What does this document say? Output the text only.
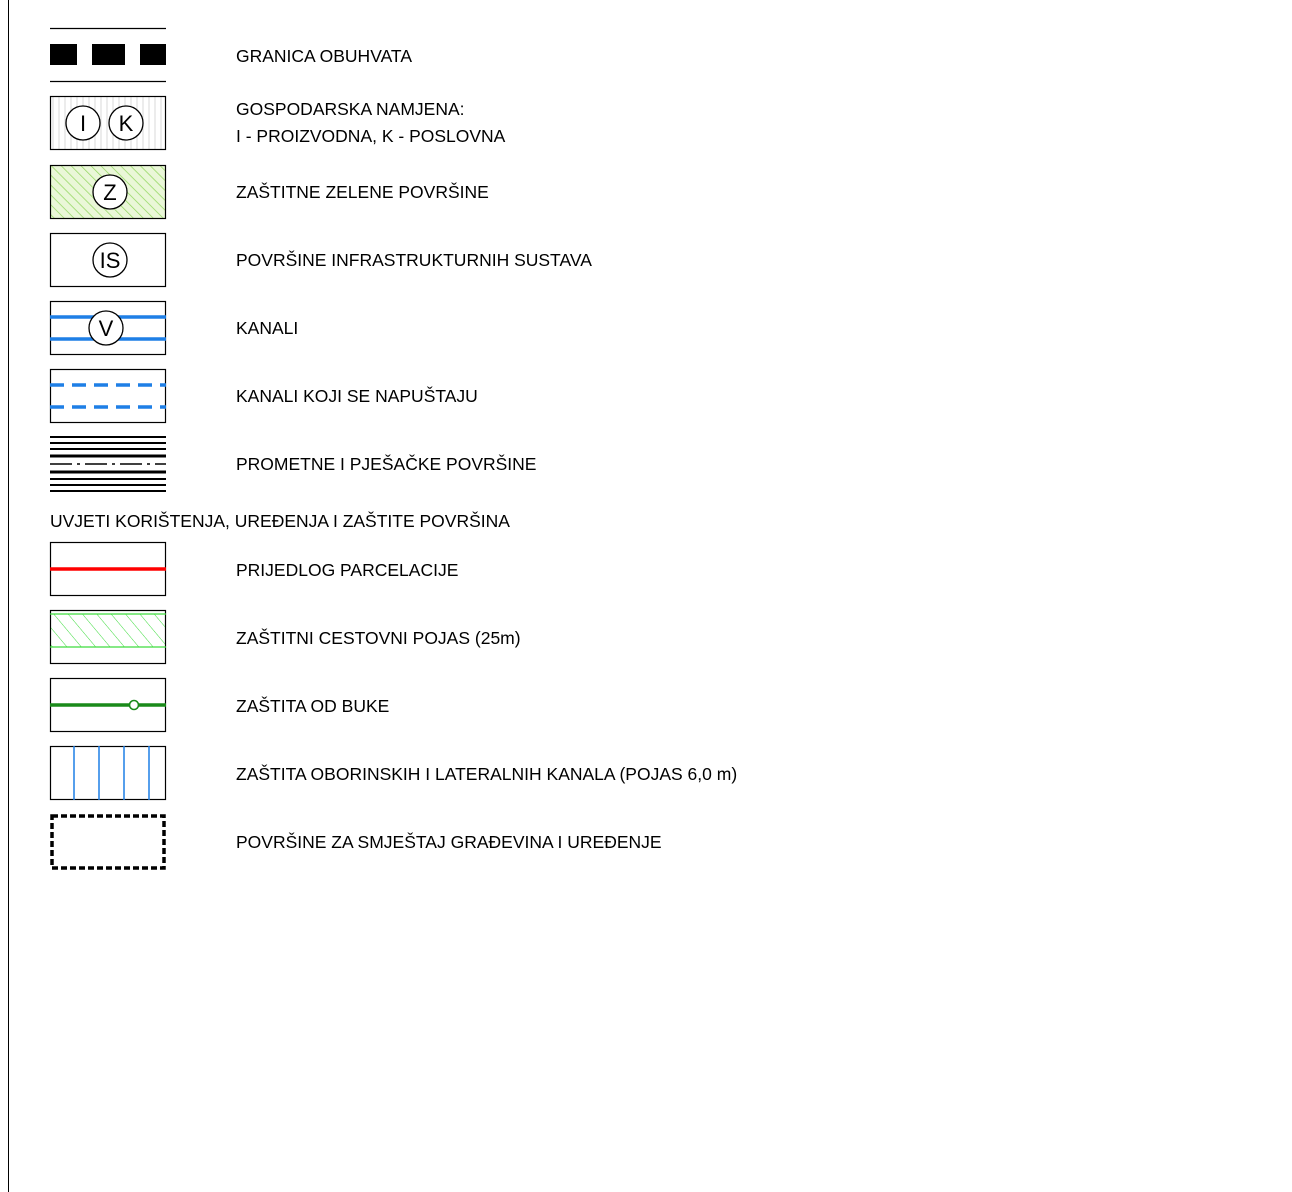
GRANICA OBUHVATA
I K
GOSPODARSKA NAMJENA:
I - PROIZVODNA, K - POSLOVNA
Z	ZAŠTITNE ZELENE POVRŠINE
IS	POVRŠINE INFRASTRUKTURNIH SUSTAVA
V	KANALI
KANALI KOJI SE NAPUŠTAJU
PROMETNE I PJEŠAČKE POVRŠINE
UVJETI KORIŠTENJA, UREĐENJA I ZAŠTITE POVRŠINA
PRIJEDLOG PARCELACIJE
ZAŠTITNI CESTOVNI POJAS (25m)
ZAŠTITA OD BUKE
ZAŠTITA OBORINSKIH I LATERALNIH KANALA (POJAS 6,0 m)
POVRŠINE ZA SMJEŠTAJ GRAĐEVINA I UREĐENJE
